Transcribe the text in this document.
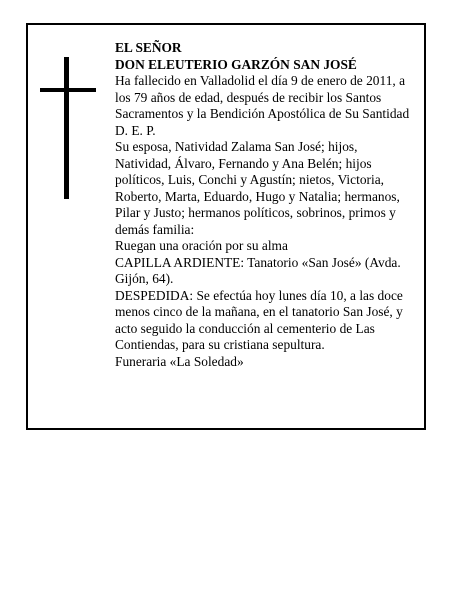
EL SEÑOR

DON ELEUTERIO GARZÓN SAN JOSÉ

Ha fallecido en Valladolid el día 9 de enero de 2011, a los 79 años de edad, después de recibir los Santos Sacramentos y la Bendición Apostólica de Su Santidad D. E. P.

Su esposa, Natividad Zalama San José; hijos, Natividad, Álvaro, Fernando y Ana Belén; hijos políticos, Luis, Conchi y Agustín; nietos, Victoria, Roberto, Marta, Eduardo, Hugo y Natalia; hermanos, Pilar y Justo; hermanos políticos, sobrinos, primos y demás familia:

Ruegan una oración por su alma

CAPILLA ARDIENTE: Tanatorio «San José» (Avda. Gijón, 64).

DESPEDIDA: Se efectúa hoy lunes día 10, a las doce menos cinco de la mañana, en el tanatorio San José, y acto seguido la conducción al cementerio de Las Contiendas, para su cristiana sepultura.

Funeraria «La Soledad»
